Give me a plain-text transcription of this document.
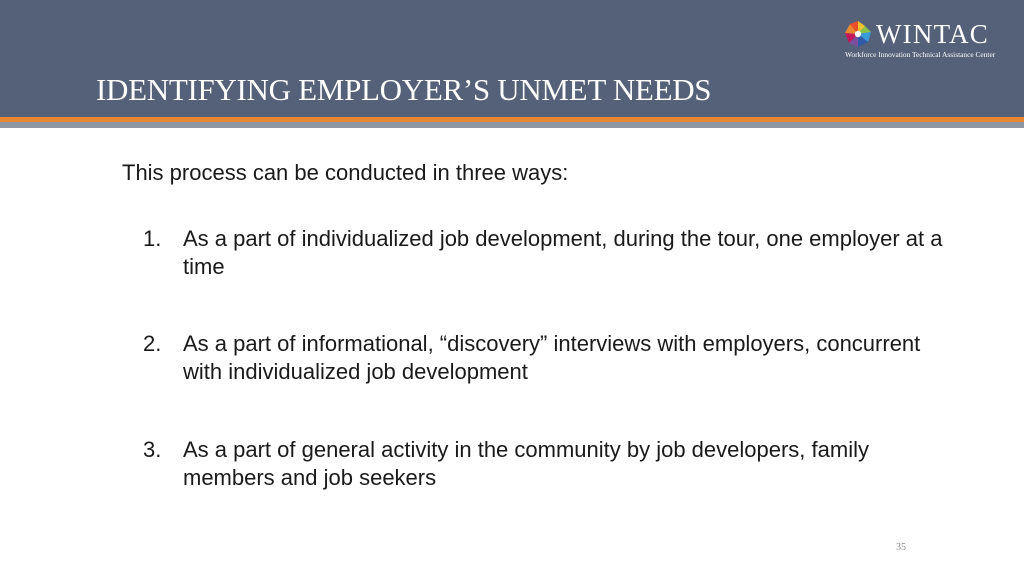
WINTAC
Workforce Innovation Technical Assistance Center
IDENTIFYING EMPLOYER’S UNMET NEEDS
This process can be conducted in three ways:
1. As a part of individualized job development, during the tour, one employer at a time
2. As a part of informational, “discovery” interviews with employers, concurrent with individualized job development
3. As a part of general activity in the community by job developers, family members and job seekers
35
